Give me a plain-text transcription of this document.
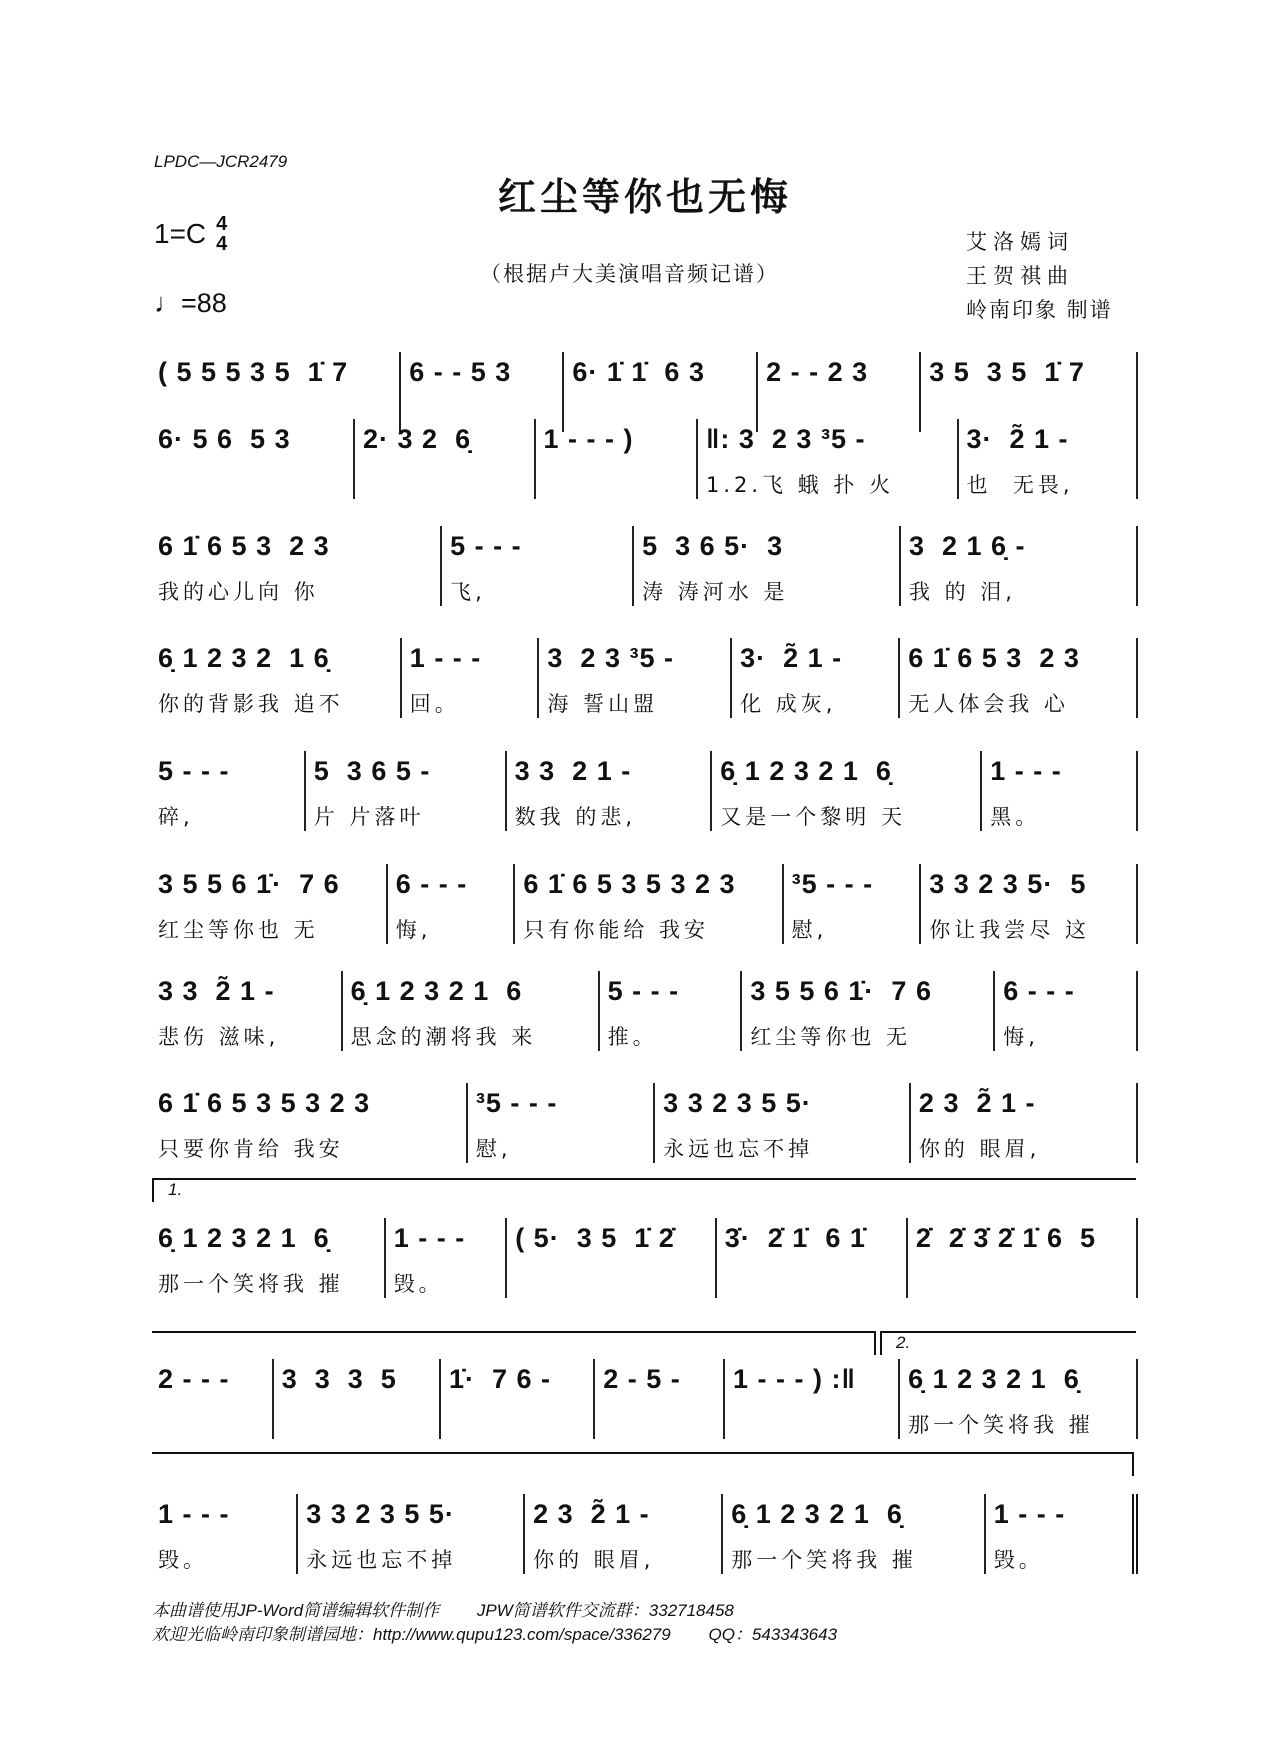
LPDC—JCR2479
红尘等你也无悔
1=C 4
4
♩=88
（根据卢大美演唱音频记谱）
艾洛嫣词
王贺祺曲
岭南印象 制谱
( 5 5 5 3 5  1̇ 7	6 - - 5 3	6· 1̇ 1̇  6 3	2 - - 2 3	3 5  3 5  1̇ 7
6· 5 6  5 3	2· 3 2  6̣	1 - - - )	‖: 3  2 3 ³5 -
1.2.飞 蛾 扑 火
3·  2̃ 1 -
也  无畏,
6 1̇ 6 5 3  2 3
我的心儿向 你
5 - - -
飞,
5  3 6 5·  3
涛 涛河水 是
3  2 1 6̣ -
我 的 泪,
6̣ 1 2 3 2  1 6̣
你的背影我 追不
1 - - -
回。
3  2 3 ³5 -
海 誓山盟
3·  2̃ 1 -
化 成灰,
6 1̇ 6 5 3  2 3
无人体会我 心
5 - - -
碎,
5  3 6 5 -
片 片落叶
3 3  2 1 -
数我 的悲,
6̣ 1 2 3 2 1  6̣
又是一个黎明 天
1 - - -
黑。
3 5 5 6 1̇·  7 6
红尘等你也 无
6 - - -
悔,
6 1̇ 6 5 3 5 3 2 3
只有你能给 我安
³5 - - -
慰,
3 3 2 3 5·  5
你让我尝尽 这
3 3  2̃ 1 -
悲伤 滋味,
6̣ 1 2 3 2 1  6
思念的潮将我 来
5 - - -
推。
3 5 5 6 1̇·  7 6
红尘等你也 无
6 - - -
悔,
6 1̇ 6 5 3 5 3 2 3
只要你肯给 我安
³5 - - -
慰,
3 3 2 3 5 5·
永远也忘不掉
2 3  2̃ 1 -
你的 眼眉,
6̣ 1 2 3 2 1  6̣
那一个笑将我 摧
1 - - -
毁。
( 5·  3 5  1̇ 2̇	3̇·  2̇ 1̇  6 1̇	2̇  2̇ 3̇ 2̇ 1̇ 6  5
1.
2 - - -	3  3  3  5	1̇·  7 6 -	2 - 5 -	1 - - - ) :‖	6̣ 1 2 3 2 1  6̣
那一个笑将我 摧
2.
1 - - -
毁。
3 3 2 3 5 5·
永远也忘不掉
2 3  2̃ 1 -
你的 眼眉,
6̣ 1 2 3 2 1  6̣
那一个笑将我 摧
1 - - -
毁。
本曲谱使用JP-Word简谱编辑软件制作        JPW简谱软件交流群：332718458
欢迎光临岭南印象制谱园地：http://www.qupu123.com/space/336279        QQ：543343643
